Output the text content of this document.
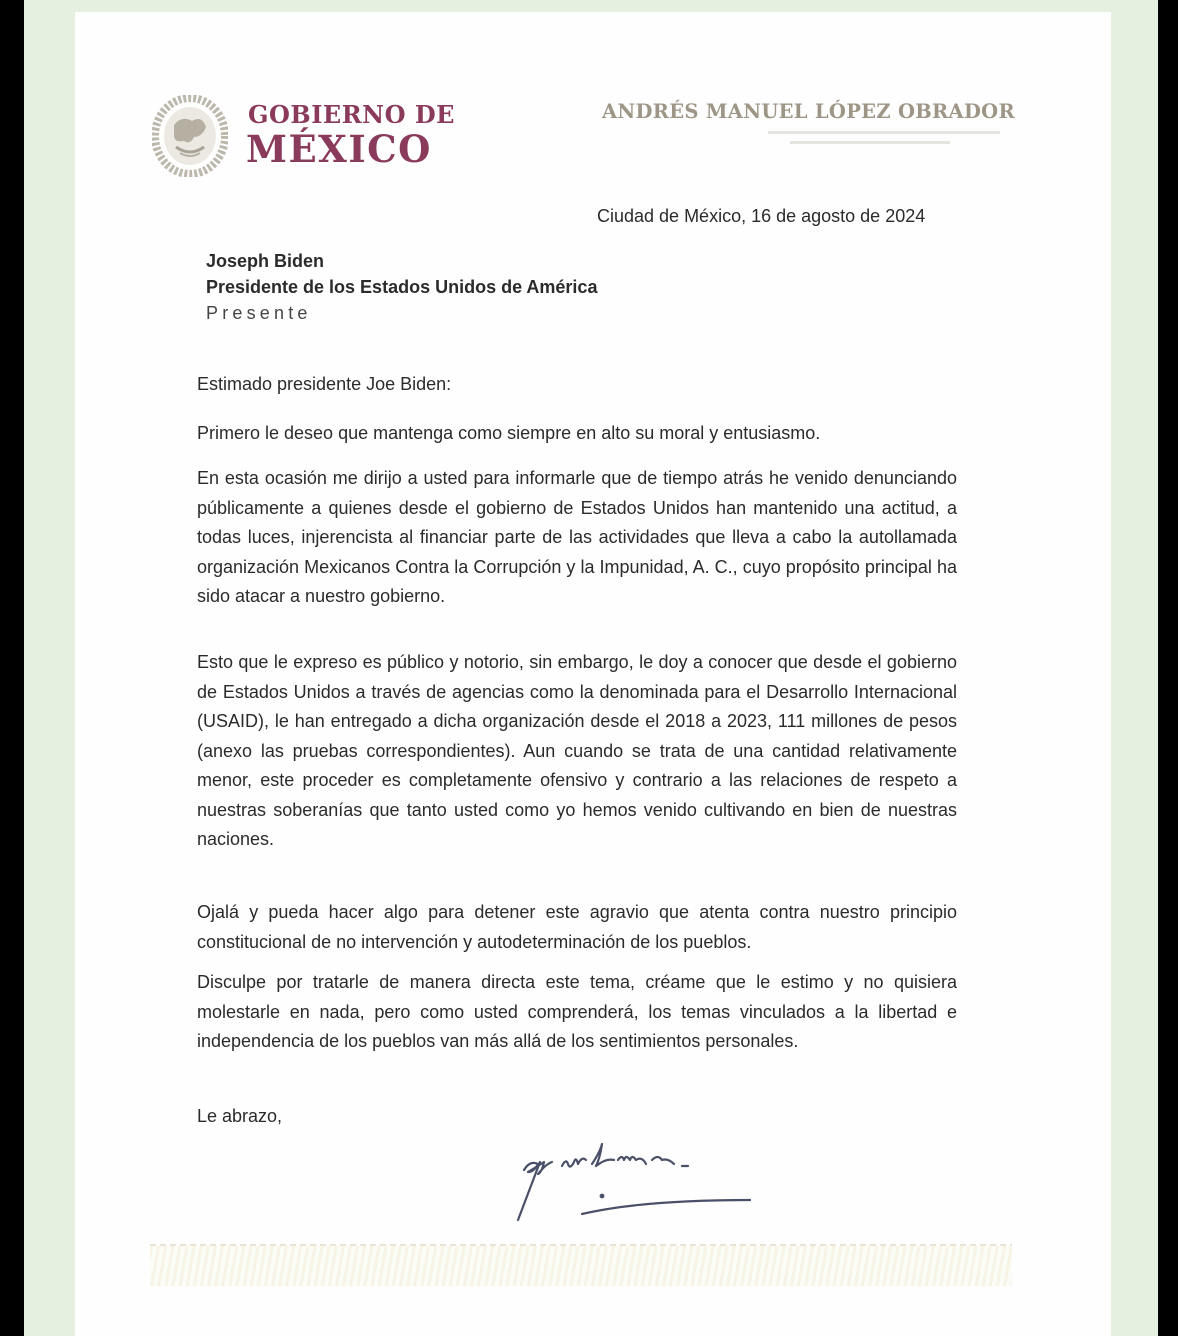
GOBIERNO DE
MÉXICO
ANDRÉS MANUEL LÓPEZ OBRADOR
Ciudad de México, 16 de agosto de 2024
Joseph Biden
Presidente de los Estados Unidos de América
Presente
Estimado presidente Joe Biden:
Primero le deseo que mantenga como siempre en alto su moral y entusiasmo.
En esta ocasión me dirijo a usted para informarle que de tiempo atrás he venido denunciando públicamente a quienes desde el gobierno de Estados Unidos han mantenido una actitud, a todas luces, injerencista al financiar parte de las actividades que lleva a cabo la autollamada organización Mexicanos Contra la Corrupción y la Impunidad, A. C., cuyo propósito principal ha sido atacar a nuestro gobierno.
Esto que le expreso es público y notorio, sin embargo, le doy a conocer que desde el gobierno de Estados Unidos a través de agencias como la denominada para el Desarrollo Internacional (USAID), le han entregado a dicha organización desde el 2018 a 2023, 111 millones de pesos (anexo las pruebas correspondientes). Aun cuando se trata de una cantidad relativamente menor, este proceder es completamente ofensivo y contrario a las relaciones de respeto a nuestras soberanías que tanto usted como yo hemos venido cultivando en bien de nuestras naciones.
Ojalá y pueda hacer algo para detener este agravio que atenta contra nuestro principio constitucional de no intervención y autodeterminación de los pueblos.
Disculpe por tratarle de manera directa este tema, créame que le estimo y no quisiera molestarle en nada, pero como usted comprenderá, los temas vinculados a la libertad e independencia de los pueblos van más allá de los sentimientos personales.
Le abrazo,
